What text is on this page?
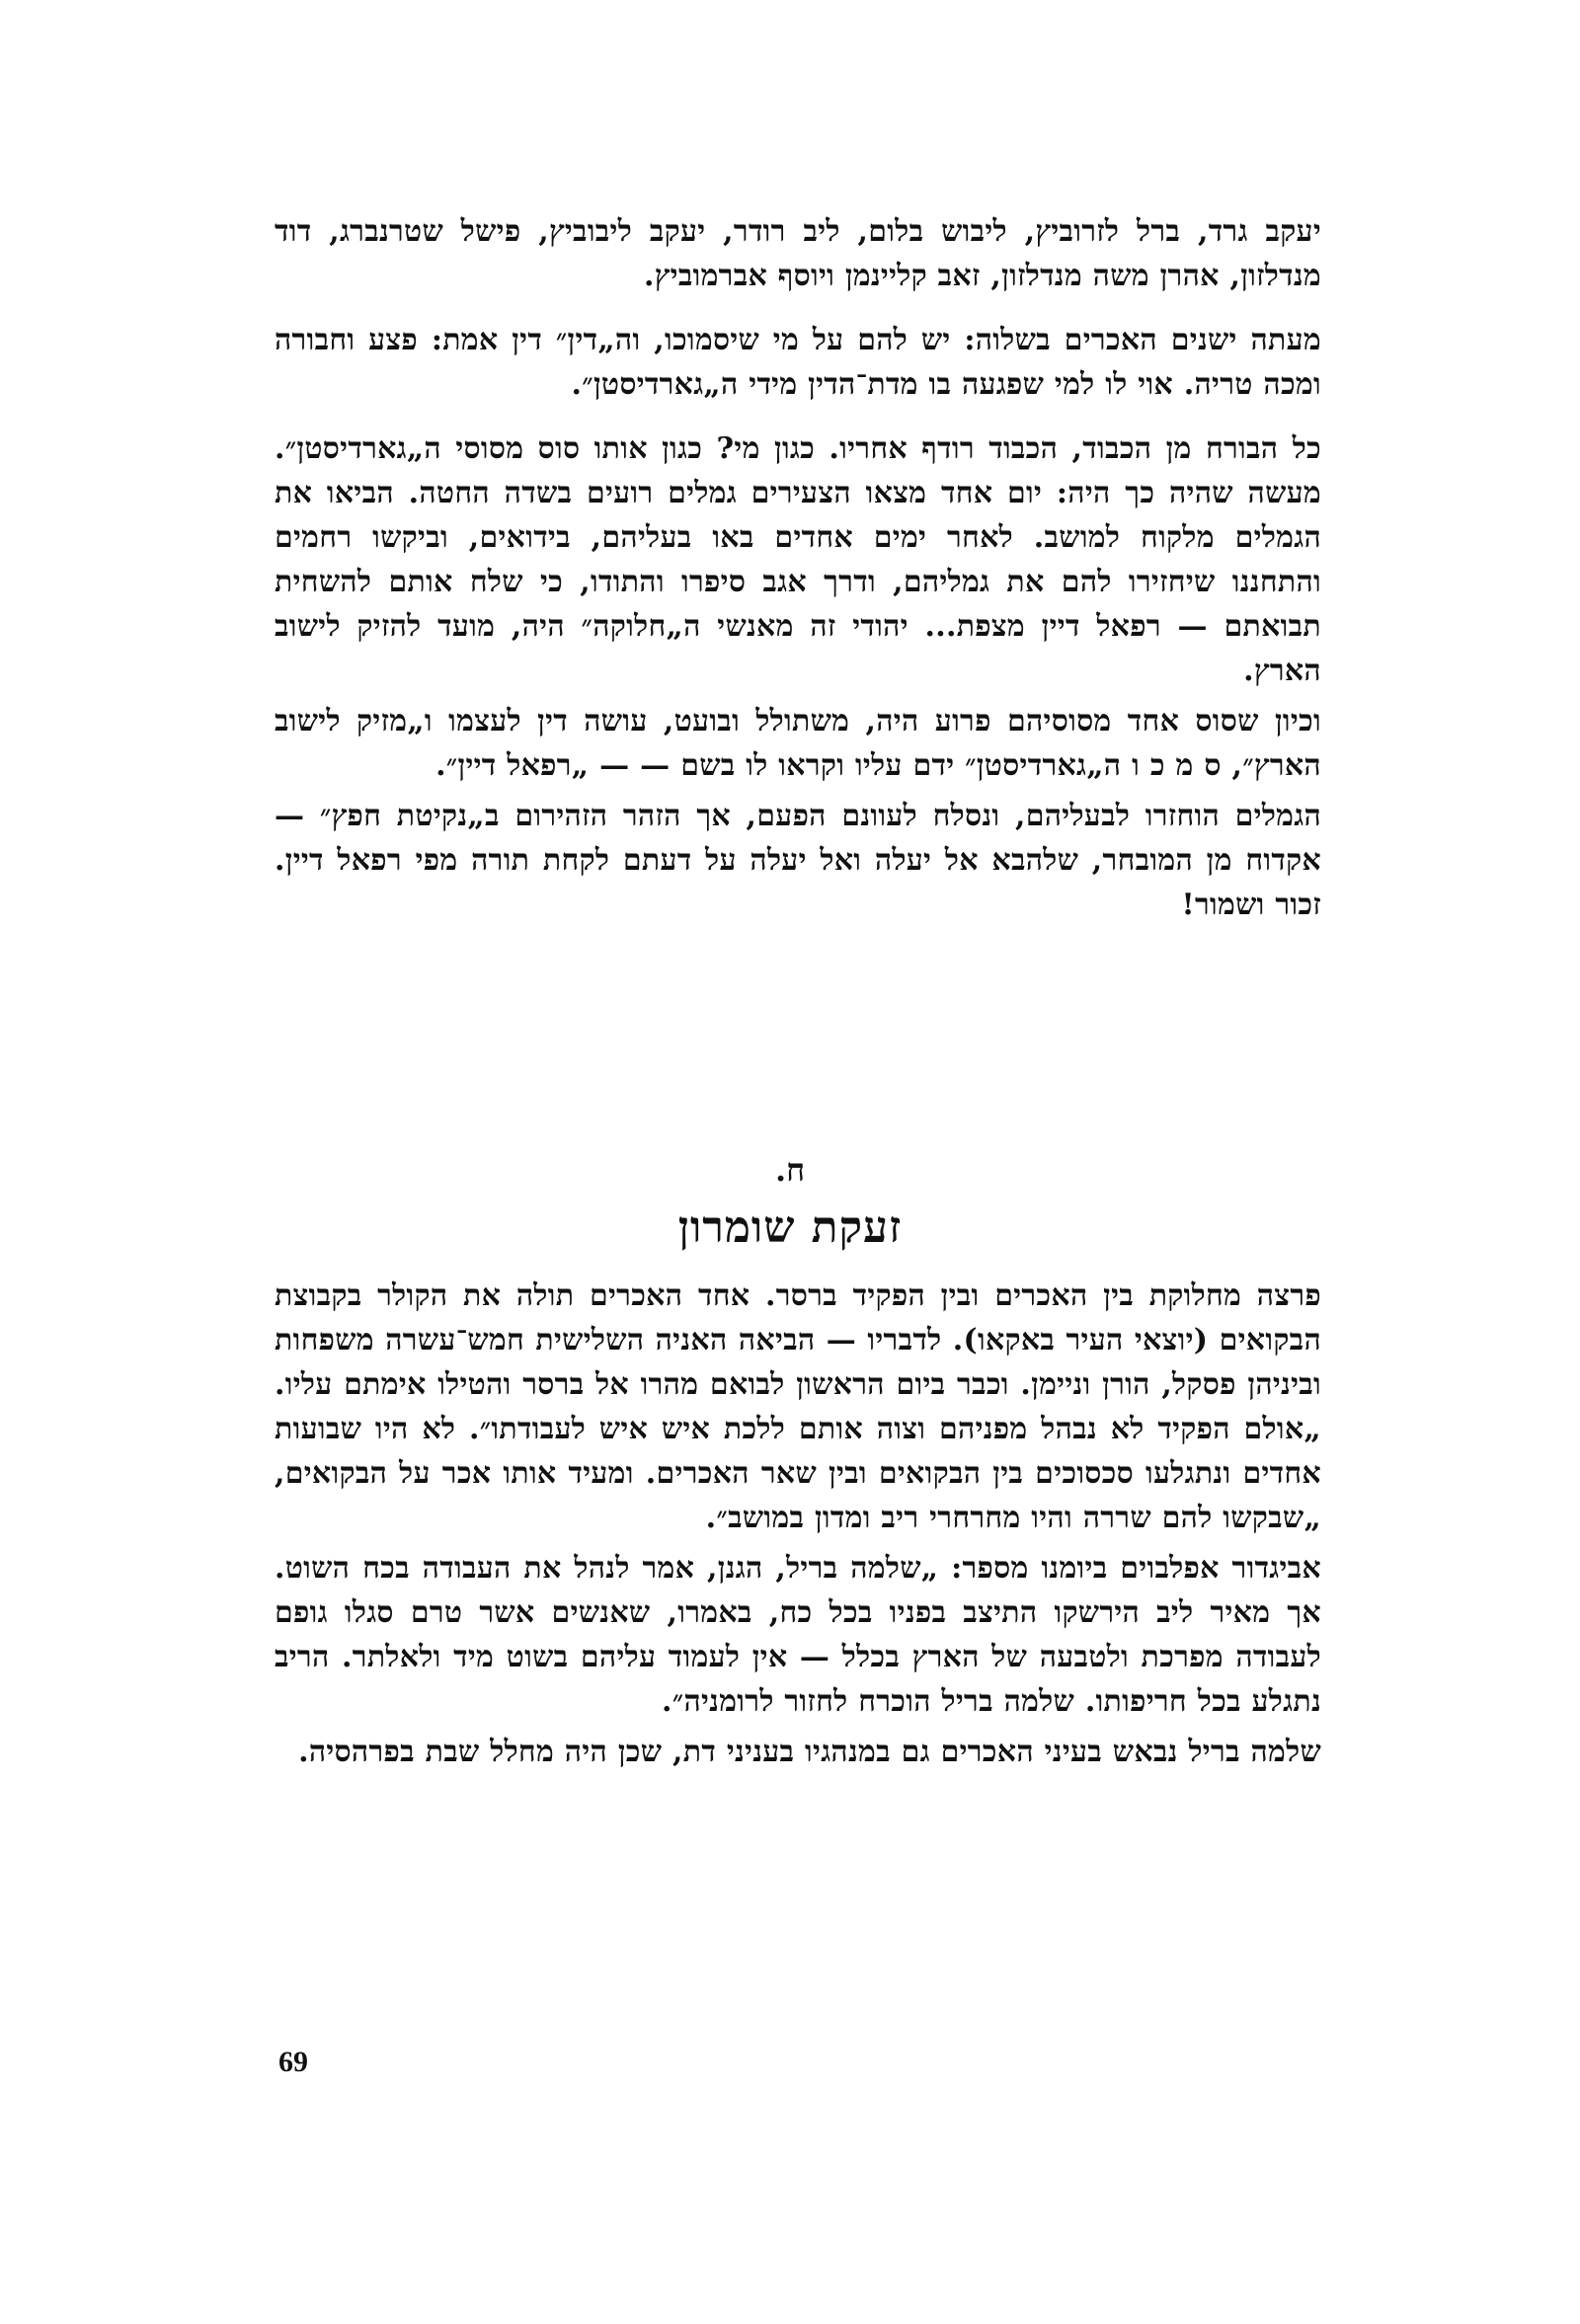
יעקב גרד, ברל לזרוביץ, ליבוש בלום, ליב רודר, יעקב ליבוביץ, פישל שטרנברג, דוד מנדלזון, אהרן משה מנדלזון, זאב קליינמן ויוסף אברמוביץ.

מעתה ישנים האכרים בשלוה: יש להם על מי שיסמוכו, וה„דין״ דין אמת: פצע וחבורה ומכה טריה. אוי לו למי שפגעה בו מדת־הדין מידי ה„גארדיסטן״.

כל הבורח מן הכבוד, הכבוד רודף אחריו. כגון מי? כגון אותו סוס מסוסי ה„גארדיסטן״. מעשה שהיה כך היה: יום אחד מצאו הצעירים גמלים רועים בשדה החטה. הביאו את הגמלים מלקוח למושב. לאחר ימים אחדים באו בעליהם, בידואים, וביקשו רחמים והתחננו שיחזירו להם את גמליהם, ודרך אגב סיפרו והתודו, כי שלח אותם להשחית תבואתם — רפאל דיין מצפת... יהודי זה מאנשי ה„חלוקה״ היה, מועד להזיק לישוב הארץ.

וכיון שסוס אחד מסוסיהם פרוע היה, משתולל ובועט, עושה דין לעצמו ו„מזיק לישוב הארץ״, ס מ כ ו ה„גארדיסטן״ ידם עליו וקראו לו בשם — — „רפאל דיין״.

הגמלים הוחזרו לבעליהם, ונסלח לעוונם הפעם, אך הזהר הזהירום ב„נקיטת חפץ״ — אקדוח מן המובחר, שלהבא אל יעלה ואל יעלה על דעתם לקחת תורה מפי רפאל דיין. זכור ושמור!

ח.
זעקת שומרון

פרצה מחלוקת בין האכרים ובין הפקיד ברסר. אחד האכרים תולה את הקולר בקבוצת הבקואים (יוצאי העיר באקאו). לדבריו — הביאה האניה השלישית חמש־עשרה משפחות וביניהן פסקל, הורן וניימן. וכבר ביום הראשון לבואם מהרו אל ברסר והטילו אימתם עליו. „אולם הפקיד לא נבהל מפניהם וצוה אותם ללכת איש איש לעבודתו״. לא היו שבועות אחדים ונתגלעו סכסוכים בין הבקואים ובין שאר האכרים. ומעיד אותו אכר על הבקואים, „שבקשו להם שררה והיו מחרחרי ריב ומדון במושב״.

אביגדור אפלבוים ביומנו מספר: „שלמה בריל, הגנן, אמר לנהל את העבודה בכח השוט. אך מאיר ליב הירשקו התיצב בפניו בכל כח, באמרו, שאנשים אשר טרם סגלו גופם לעבודה מפרכת ולטבעה של הארץ בכלל — אין לעמוד עליהם בשוט מיד ולאלתר. הריב נתגלע בכל חריפותו. שלמה בריל הוכרח לחזור לרומניה״.

שלמה בריל נבאש בעיני האכרים גם במנהגיו בעניני דת, שכן היה מחלל שבת בפרהסיה.

69
